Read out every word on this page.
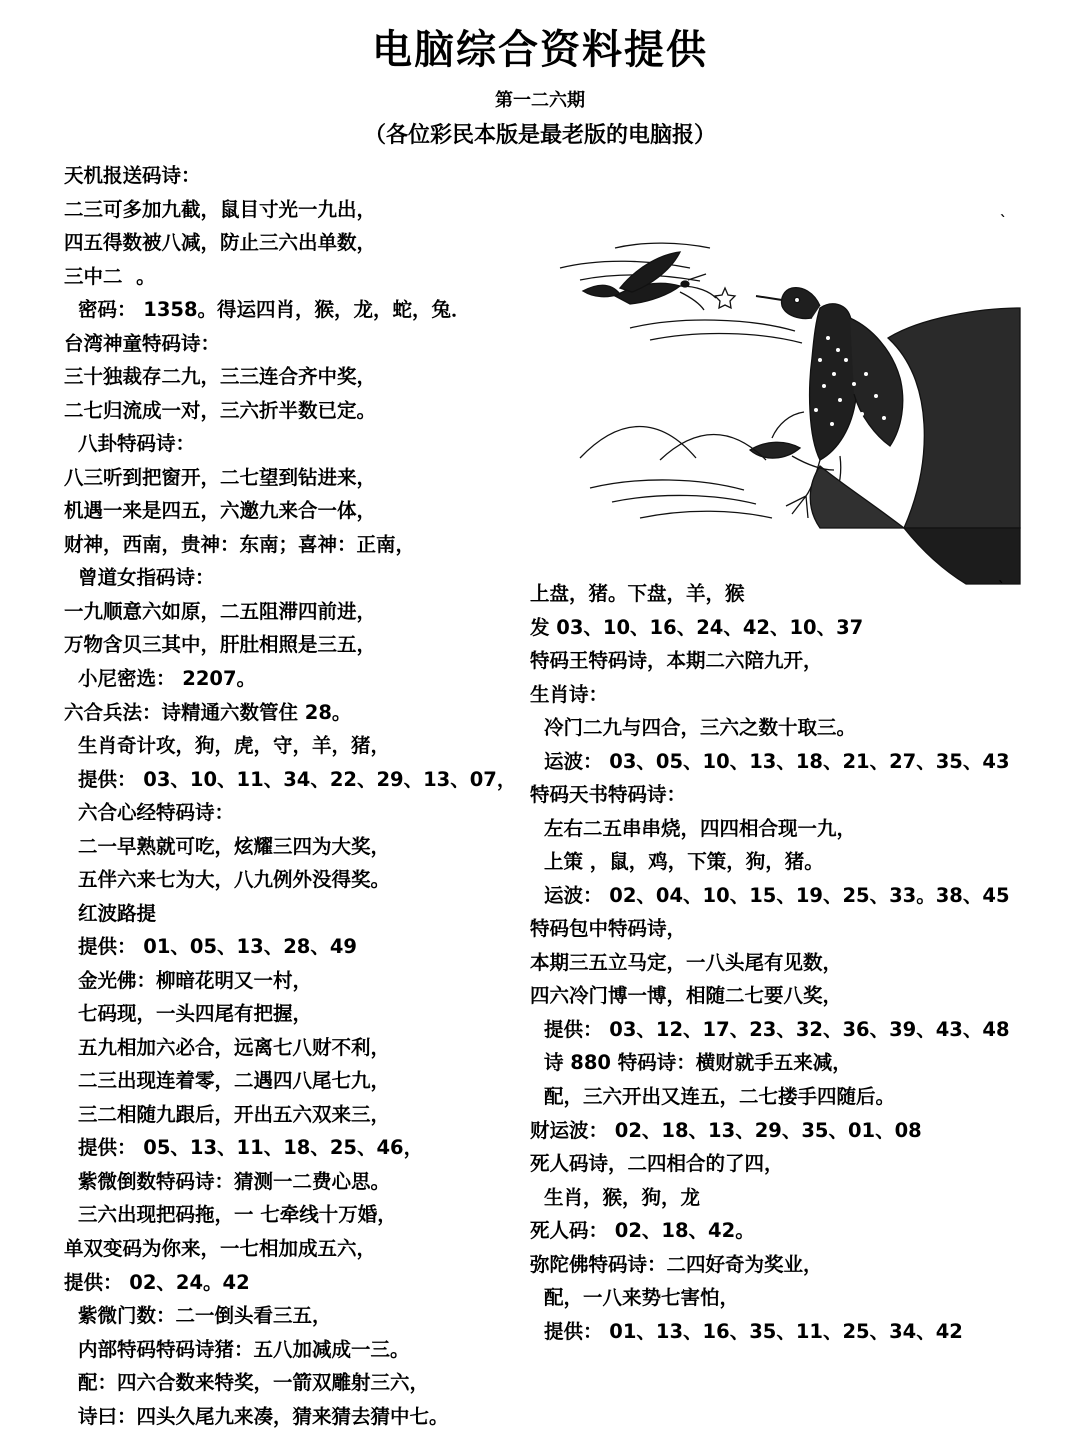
电脑综合资料提供
第一二六期
（各位彩民本版是最老版的电脑报）
ˋ
ˋ
天机报送码诗：
二三可多加九截，鼠目寸光一九出，
四五得数被八减，防止三六出单数，
三中二  。
密码： 1358。得运四肖，猴，龙，蛇，兔．
台湾神童特码诗：
三十独裁存二九，三三连合齐中奖，
二七归流成一对，三六折半数已定。
八卦特码诗：
八三听到把窗开，二七望到钻进来，
机遇一来是四五，六邀九来合一体，
财神，西南，贵神：东南；喜神：正南，
曾道女指码诗：
一九顺意六如原，二五阻滞四前进，
万物含贝三其中，肝肚相照是三五，
小尼密选： 2207。
六合兵法：诗精通六数管住 28。
生肖奇计攻，狗，虎，守，羊，猪，
提供： 03、10、11、34、22、29、13、07，
六合心经特码诗：
二一早熟就可吃，炫耀三四为大奖，
五伴六来七为大，八九例外没得奖。
红波路提
提供： 01、05、13、28、49
金光佛：柳暗花明又一村，
七码现，一头四尾有把握，
五九相加六必合，远离七八财不利，
二三出现连着零，二遇四八尾七九，
三二相随九跟后，开出五六双来三，
提供： 05、13、11、18、25、46，
紫微倒数特码诗：猜测一二费心思。
三六出现把码拖，一 七牵线十万婚，
单双变码为你来，一七相加成五六，
提供： 02、24。42
紫微门数：二一倒头看三五，
内部特码特码诗猪：五八加减成一三。
配：四六合数来特奖，一箭双雕射三六，
诗曰：四头久尾九来凑，猜来猜去猜中七。
上盘，猪。下盘，羊，猴
发 03、10、16、24、42、10、37
特码王特码诗，本期二六陪九开，
生肖诗：
冷门二九与四合，三六之数十取三。
运波： 03、05、10、13、18、21、27、35、43
特码天书特码诗：
左右二五串串烧，四四相合现一九，
上策 ，鼠，鸡，下策，狗，猪。
运波： 02、04、10、15、19、25、33。38、45
特码包中特码诗，
本期三五立马定，一八头尾有见数，
四六冷门博一博，相随二七要八奖，
提供： 03、12、17、23、32、36、39、43、48
诗 880 特码诗：横财就手五来减，
配，三六开出又连五，二七搂手四随后。
财运波： 02、18、13、29、35、01、08
死人码诗，二四相合的了四，
生肖，猴，狗，龙
死人码： 02、18、42。
弥陀佛特码诗：二四好奇为奖业，
配，一八来势七害怕，
提供： 01、13、16、35、11、25、34、42
